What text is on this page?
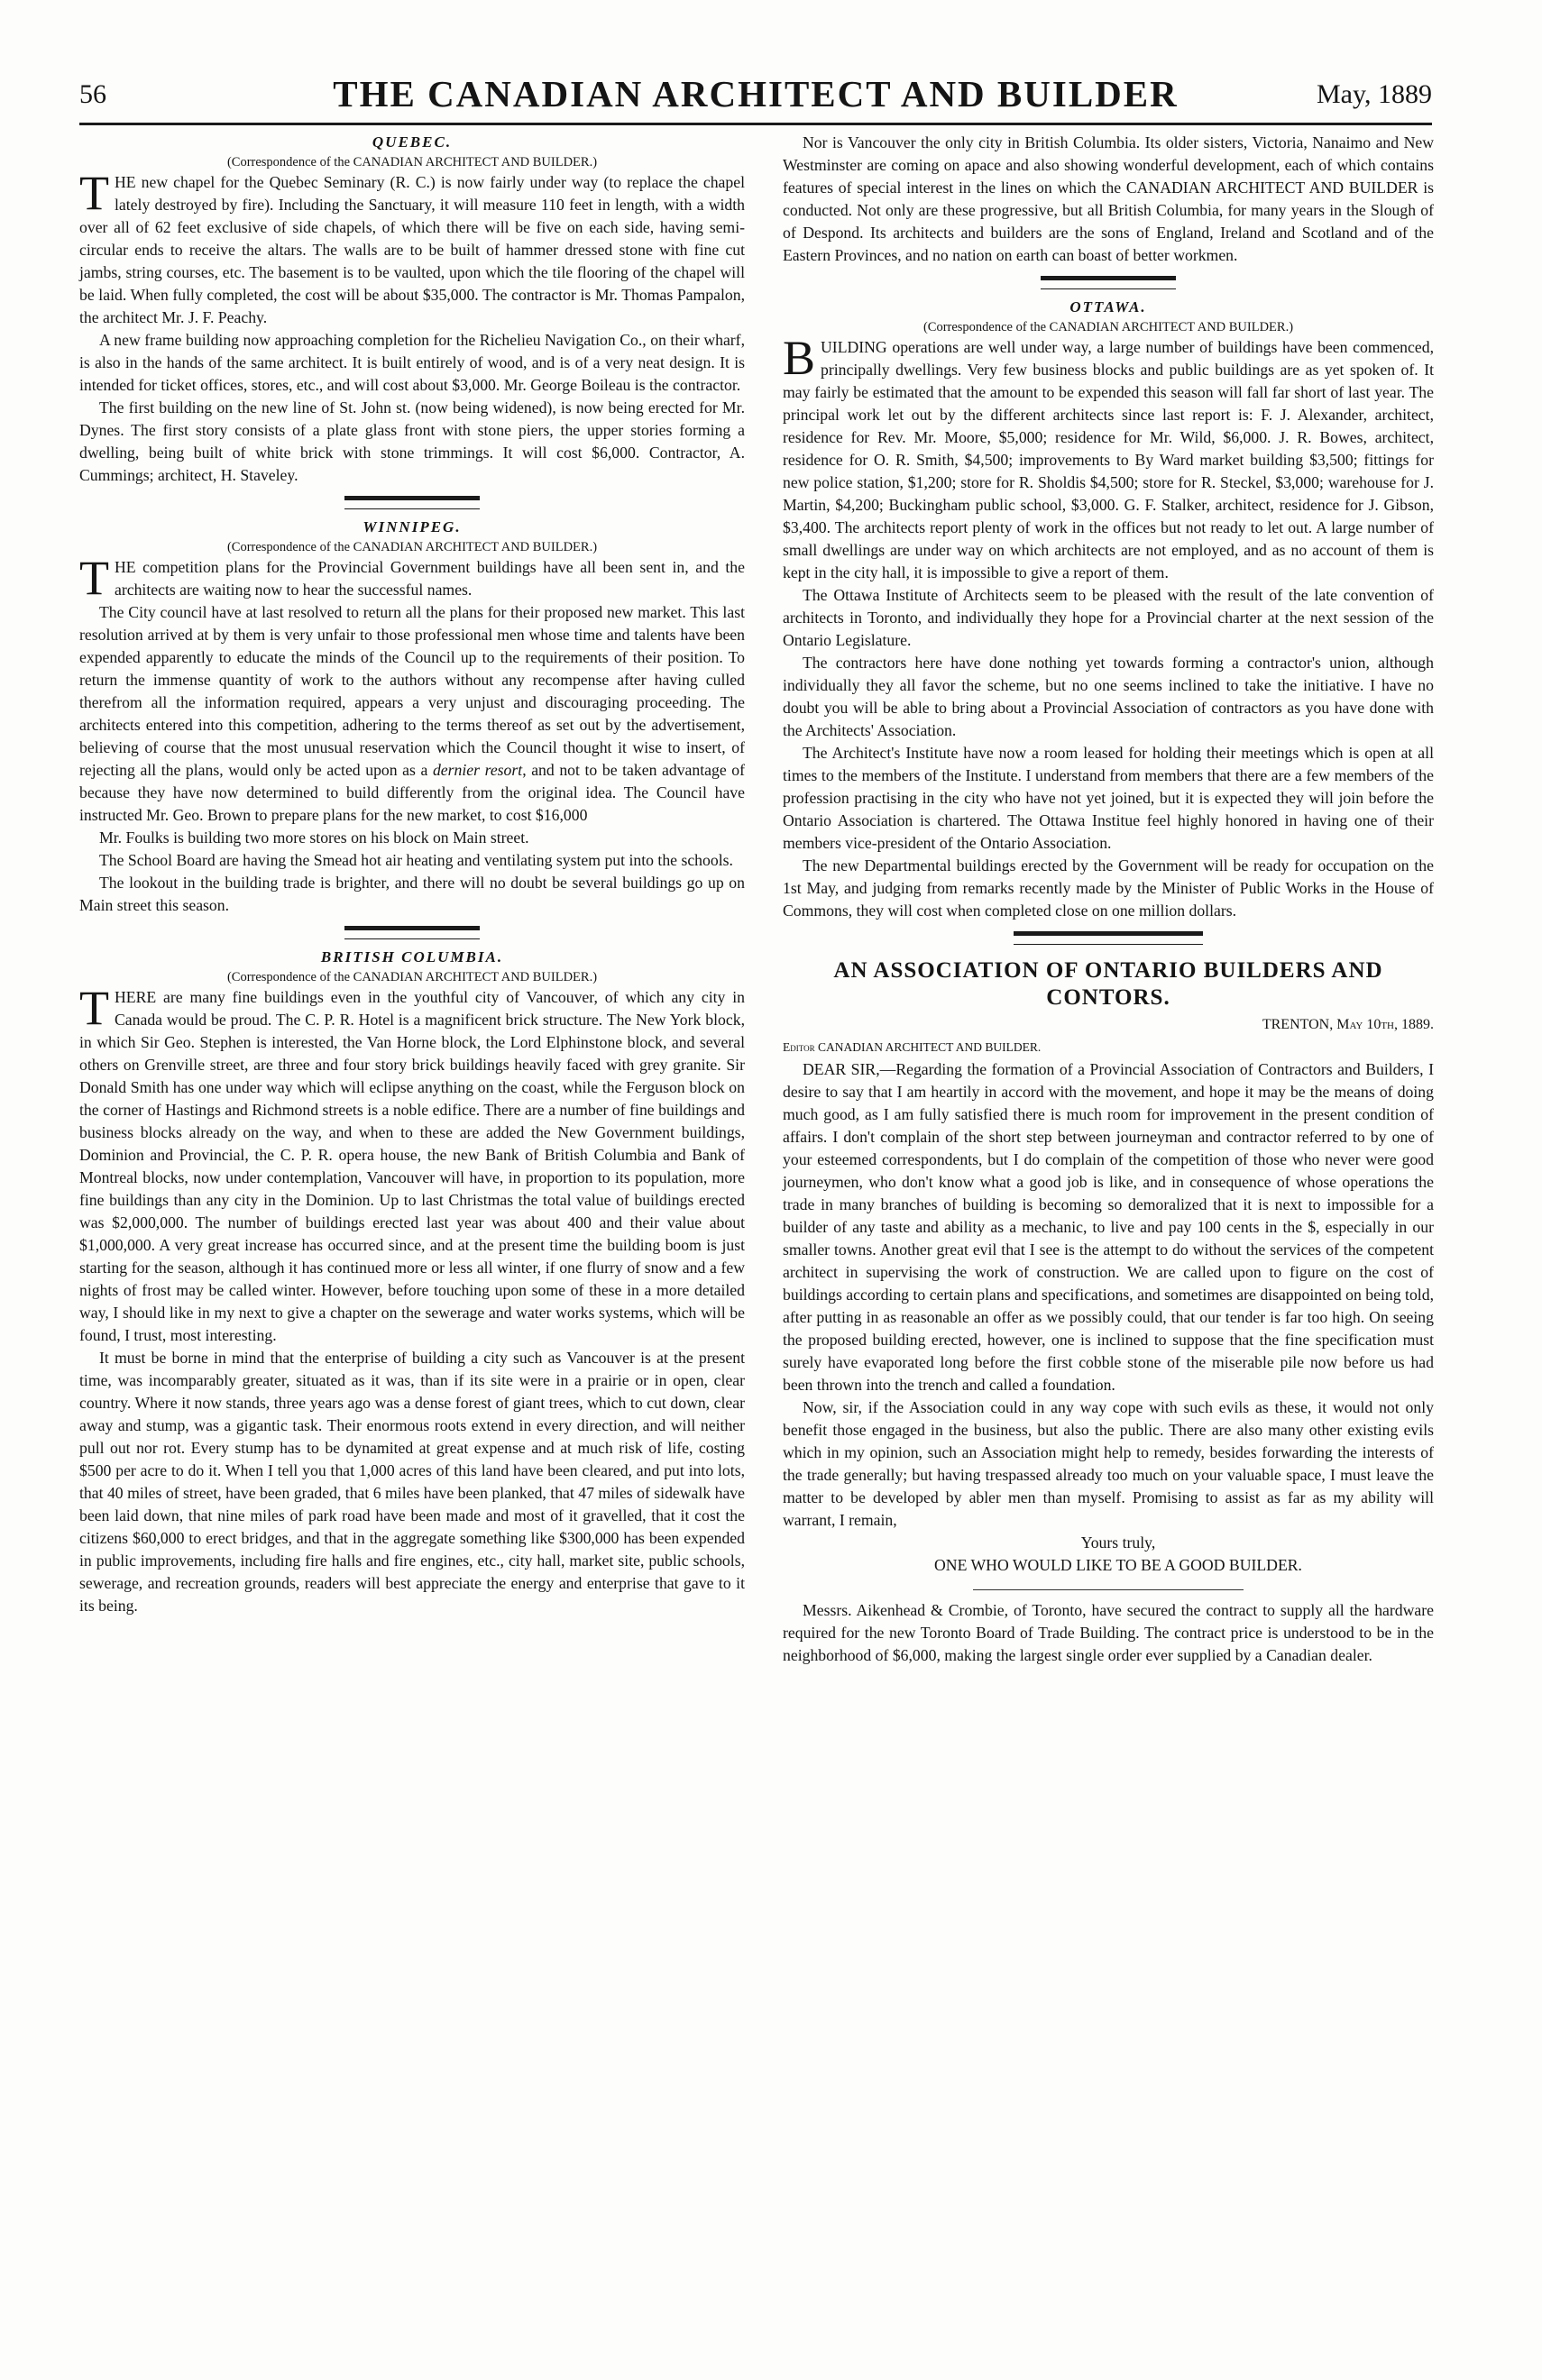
56	THE CANADIAN ARCHITECT AND BUILDER	May, 1889
QUEBEC.

(Correspondence of the CANADIAN ARCHITECT AND BUILDER.)

THE new chapel for the Quebec Seminary (R. C.) is now fairly under way (to replace the chapel lately destroyed by fire). Including the Sanctuary, it will measure 110 feet in length, with a width over all of 62 feet exclusive of side chapels, of which there will be five on each side, having semi-circular ends to receive the altars. The walls are to be built of hammer dressed stone with fine cut jambs, string courses, etc. The basement is to be vaulted, upon which the tile flooring of the chapel will be laid. When fully completed, the cost will be about $35,000. The contractor is Mr. Thomas Pampalon, the architect Mr. J. F. Peachy.

A new frame building now approaching completion for the Richelieu Navigation Co., on their wharf, is also in the hands of the same architect. It is built entirely of wood, and is of a very neat design. It is intended for ticket offices, stores, etc., and will cost about $3,000. Mr. George Boileau is the contractor.

The first building on the new line of St. John st. (now being widened), is now being erected for Mr. Dynes. The first story consists of a plate glass front with stone piers, the upper stories forming a dwelling, being built of white brick with stone trimmings. It will cost $6,000. Contractor, A. Cummings; architect, H. Staveley.

WINNIPEG.

(Correspondence of the CANADIAN ARCHITECT AND BUILDER.)

THE competition plans for the Provincial Government buildings have all been sent in, and the architects are waiting now to hear the successful names.

The City council have at last resolved to return all the plans for their proposed new market. This last resolution arrived at by them is very unfair to those professional men whose time and talents have been expended apparently to educate the minds of the Council up to the requirements of their position. To return the immense quantity of work to the authors without any recompense after having culled therefrom all the information required, appears a very unjust and discouraging proceeding. The architects entered into this competition, adhering to the terms thereof as set out by the advertisement, believing of course that the most unusual reservation which the Council thought it wise to insert, of rejecting all the plans, would only be acted upon as a dernier resort, and not to be taken advantage of because they have now determined to build differently from the original idea. The Council have instructed Mr. Geo. Brown to prepare plans for the new market, to cost $16,000

Mr. Foulks is building two more stores on his block on Main street.

The School Board are having the Smead hot air heating and ventilating system put into the schools.

The lookout in the building trade is brighter, and there will no doubt be several buildings go up on Main street this season.

BRITISH COLUMBIA.

(Correspondence of the CANADIAN ARCHITECT AND BUILDER.)

THERE are many fine buildings even in the youthful city of Vancouver, of which any city in Canada would be proud. The C. P. R. Hotel is a magnificent brick structure. The New York block, in which Sir Geo. Stephen is interested, the Van Horne block, the Lord Elphinstone block, and several others on Grenville street, are three and four story brick buildings heavily faced with grey granite. Sir Donald Smith has one under way which will eclipse anything on the coast, while the Ferguson block on the corner of Hastings and Richmond streets is a noble edifice. There are a number of fine buildings and business blocks already on the way, and when to these are added the New Government buildings, Dominion and Provincial, the C. P. R. opera house, the new Bank of British Columbia and Bank of Montreal blocks, now under contemplation, Vancouver will have, in proportion to its population, more fine buildings than any city in the Dominion. Up to last Christmas the total value of buildings erected was $2,000,000. The number of buildings erected last year was about 400 and their value about $1,000,000. A very great increase has occurred since, and at the present time the building boom is just starting for the season, although it has continued more or less all winter, if one flurry of snow and a few nights of frost may be called winter. However, before touching upon some of these in a more detailed way, I should like in my next to give a chapter on the sewerage and water works systems, which will be found, I trust, most interesting.

It must be borne in mind that the enterprise of building a city such as Vancouver is at the present time, was incomparably greater, situated as it was, than if its site were in a prairie or in open, clear country. Where it now stands, three years ago was a dense forest of giant trees, which to cut down, clear away and stump, was a gigantic task. Their enormous roots extend in every direction, and will neither pull out nor rot. Every stump has to be dynamited at great expense and at much risk of life, costing $500 per acre to do it. When I tell you that 1,000 acres of this land have been cleared, and put into lots, that 40 miles of street, have been graded, that 6 miles have been planked, that 47 miles of sidewalk have been laid down, that nine miles of park road have been made and most of it gravelled, that it cost the citizens $60,000 to erect bridges, and that in the aggregate something like $300,000 has been expended in public improvements, including fire halls and fire engines, etc., city hall, market site, public schools, sewerage, and recreation grounds, readers will best appreciate the energy and enterprise that gave to it its being.

Nor is Vancouver the only city in British Columbia. Its older sisters, Victoria, Nanaimo and New Westminster are coming on apace and also showing wonderful development, each of which contains features of special interest in the lines on which the CANADIAN ARCHITECT AND BUILDER is conducted. Not only are these progressive, but all British Columbia, for many years in the Slough of of Despond. Its architects and builders are the sons of England, Ireland and Scotland and of the Eastern Provinces, and no nation on earth can boast of better workmen.

OTTAWA.

(Correspondence of the CANADIAN ARCHITECT AND BUILDER.)

BUILDING operations are well under way, a large number of buildings have been commenced, principally dwellings. Very few business blocks and public buildings are as yet spoken of. It may fairly be estimated that the amount to be expended this season will fall far short of last year. The principal work let out by the different architects since last report is: F. J. Alexander, architect, residence for Rev. Mr. Moore, $5,000; residence for Mr. Wild, $6,000. J. R. Bowes, architect, residence for O. R. Smith, $4,500; improvements to By Ward market building $3,500; fittings for new police station, $1,200; store for R. Sholdis $4,500; store for R. Steckel, $3,000; warehouse for J. Martin, $4,200; Buckingham public school, $3,000. G. F. Stalker, architect, residence for J. Gibson, $3,400. The architects report plenty of work in the offices but not ready to let out. A large number of small dwellings are under way on which architects are not employed, and as no account of them is kept in the city hall, it is impossible to give a report of them.

The Ottawa Institute of Architects seem to be pleased with the result of the late convention of architects in Toronto, and individually they hope for a Provincial charter at the next session of the Ontario Legislature.

The contractors here have done nothing yet towards forming a contractor's union, although individually they all favor the scheme, but no one seems inclined to take the initiative. I have no doubt you will be able to bring about a Provincial Association of contractors as you have done with the Architects' Association.

The Architect's Institute have now a room leased for holding their meetings which is open at all times to the members of the Institute. I understand from members that there are a few members of the profession practising in the city who have not yet joined, but it is expected they will join before the Ontario Association is chartered. The Ottawa Institue feel highly honored in having one of their members vice-president of the Ontario Association.

The new Departmental buildings erected by the Government will be ready for occupation on the 1st May, and judging from remarks recently made by the Minister of Public Works in the House of Commons, they will cost when completed close on one million dollars.

AN ASSOCIATION OF ONTARIO BUILDERS AND CONTORS.

TRENTON, May 10th, 1889.

Editor CANADIAN ARCHITECT AND BUILDER.

DEAR SIR,—Regarding the formation of a Provincial Association of Contractors and Builders, I desire to say that I am heartily in accord with the movement, and hope it may be the means of doing much good, as I am fully satisfied there is much room for improvement in the present condition of affairs. I don't complain of the short step between journeyman and contractor referred to by one of your esteemed correspondents, but I do complain of the competition of those who never were good journeymen, who don't know what a good job is like, and in consequence of whose operations the trade in many branches of building is becoming so demoralized that it is next to impossible for a builder of any taste and ability as a mechanic, to live and pay 100 cents in the $, especially in our smaller towns. Another great evil that I see is the attempt to do without the services of the competent architect in supervising the work of construction. We are called upon to figure on the cost of buildings according to certain plans and specifications, and sometimes are disappointed on being told, after putting in as reasonable an offer as we possibly could, that our tender is far too high. On seeing the proposed building erected, however, one is inclined to suppose that the fine specification must surely have evaporated long before the first cobble stone of the miserable pile now before us had been thrown into the trench and called a foundation.

Now, sir, if the Association could in any way cope with such evils as these, it would not only benefit those engaged in the business, but also the public. There are also many other existing evils which in my opinion, such an Association might help to remedy, besides forwarding the interests of the trade generally; but having trespassed already too much on your valuable space, I must leave the matter to be developed by abler men than myself. Promising to assist as far as my ability will warrant, I remain,

Yours truly,

ONE WHO WOULD LIKE TO BE A GOOD BUILDER.

Messrs. Aikenhead & Crombie, of Toronto, have secured the contract to supply all the hardware required for the new Toronto Board of Trade Building. The contract price is understood to be in the neighborhood of $6,000, making the largest single order ever supplied by a Canadian dealer.
